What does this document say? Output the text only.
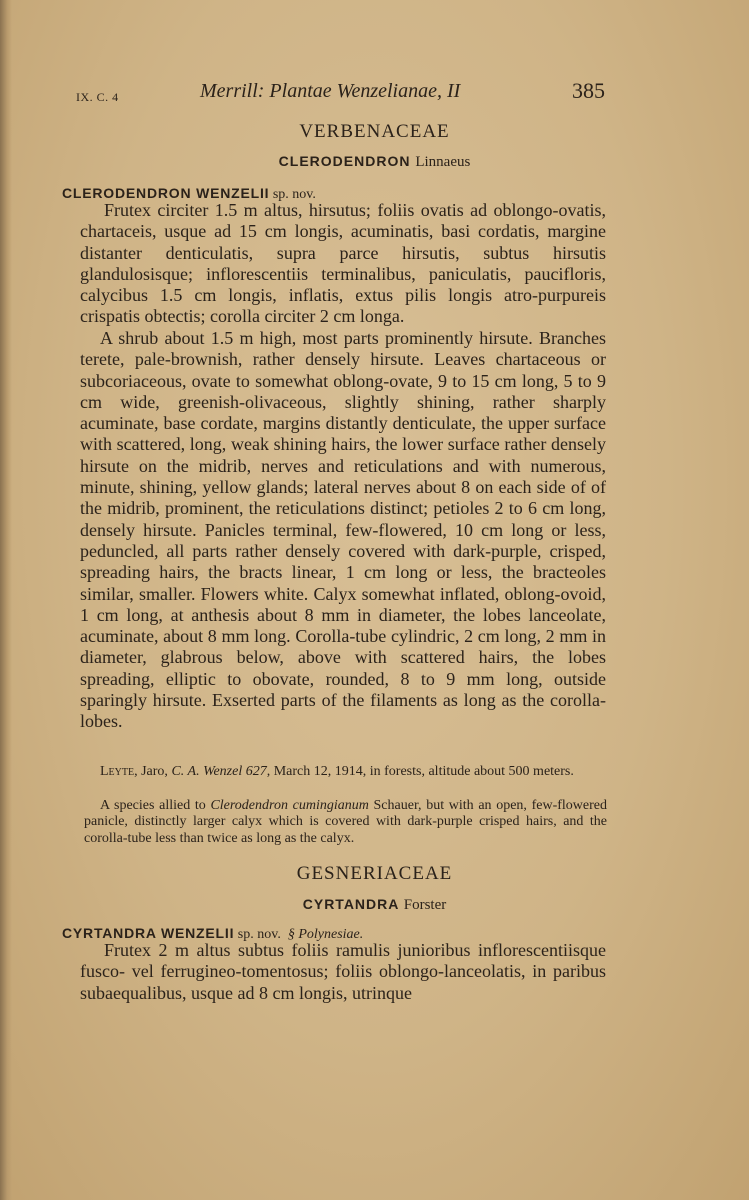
IX. C. 4	Merrill: Plantae Wenzelianae, II	385
VERBENACEAE
CLERODENDRON Linnaeus
CLERODENDRON WENZELII sp. nov.

Frutex circiter 1.5 m altus, hirsutus; foliis ovatis ad oblongo-ovatis, chartaceis, usque ad 15 cm longis, acuminatis, basi cordatis, margine distanter denticulatis, supra parce hirsutis, subtus hirsutis glandulosisque; inflorescentiis terminalibus, paniculatis, paucifloris, calycibus 1.5 cm longis, inflatis, extus pilis longis atro-purpureis crispatis obtectis; corolla circiter 2 cm longa.

A shrub about 1.5 m high, most parts prominently hirsute. Branches terete, pale-brownish, rather densely hirsute. Leaves chartaceous or subcoriaceous, ovate to somewhat oblong-ovate, 9 to 15 cm long, 5 to 9 cm wide, greenish-olivaceous, slightly shining, rather sharply acuminate, base cordate, margins distantly denticulate, the upper surface with scattered, long, weak shining hairs, the lower surface rather densely hirsute on the midrib, nerves and reticulations and with numerous, minute, shining, yellow glands; lateral nerves about 8 on each side of of the midrib, prominent, the reticulations distinct; petioles 2 to 6 cm long, densely hirsute. Panicles terminal, few-flowered, 10 cm long or less, peduncled, all parts rather densely covered with dark-purple, crisped, spreading hairs, the bracts linear, 1 cm long or less, the bracteoles similar, smaller. Flowers white. Calyx somewhat inflated, oblong-ovoid, 1 cm long, at anthesis about 8 mm in diameter, the lobes lanceolate, acuminate, about 8 mm long. Corolla-tube cylindric, 2 cm long, 2 mm in diameter, glabrous below, above with scattered hairs, the lobes spreading, elliptic to obovate, rounded, 8 to 9 mm long, outside sparingly hirsute. Exserted parts of the filaments as long as the corolla-lobes.

Leyte, Jaro, C. A. Wenzel 627, March 12, 1914, in forests, altitude about 500 meters.

A species allied to Clerodendron cumingianum Schauer, but with an open, few-flowered panicle, distinctly larger calyx which is covered with dark-purple crisped hairs, and the corolla-tube less than twice as long as the calyx.

GESNERIACEAE
CYRTANDRA Forster
CYRTANDRA WENZELII sp. nov. § Polynesiae.

Frutex 2 m altus subtus foliis ramulis junioribus inflorescentiisque fusco- vel ferrugineo-tomentosus; foliis oblongo-lanceolatis, in paribus subaequalibus, usque ad 8 cm longis, utrinque
